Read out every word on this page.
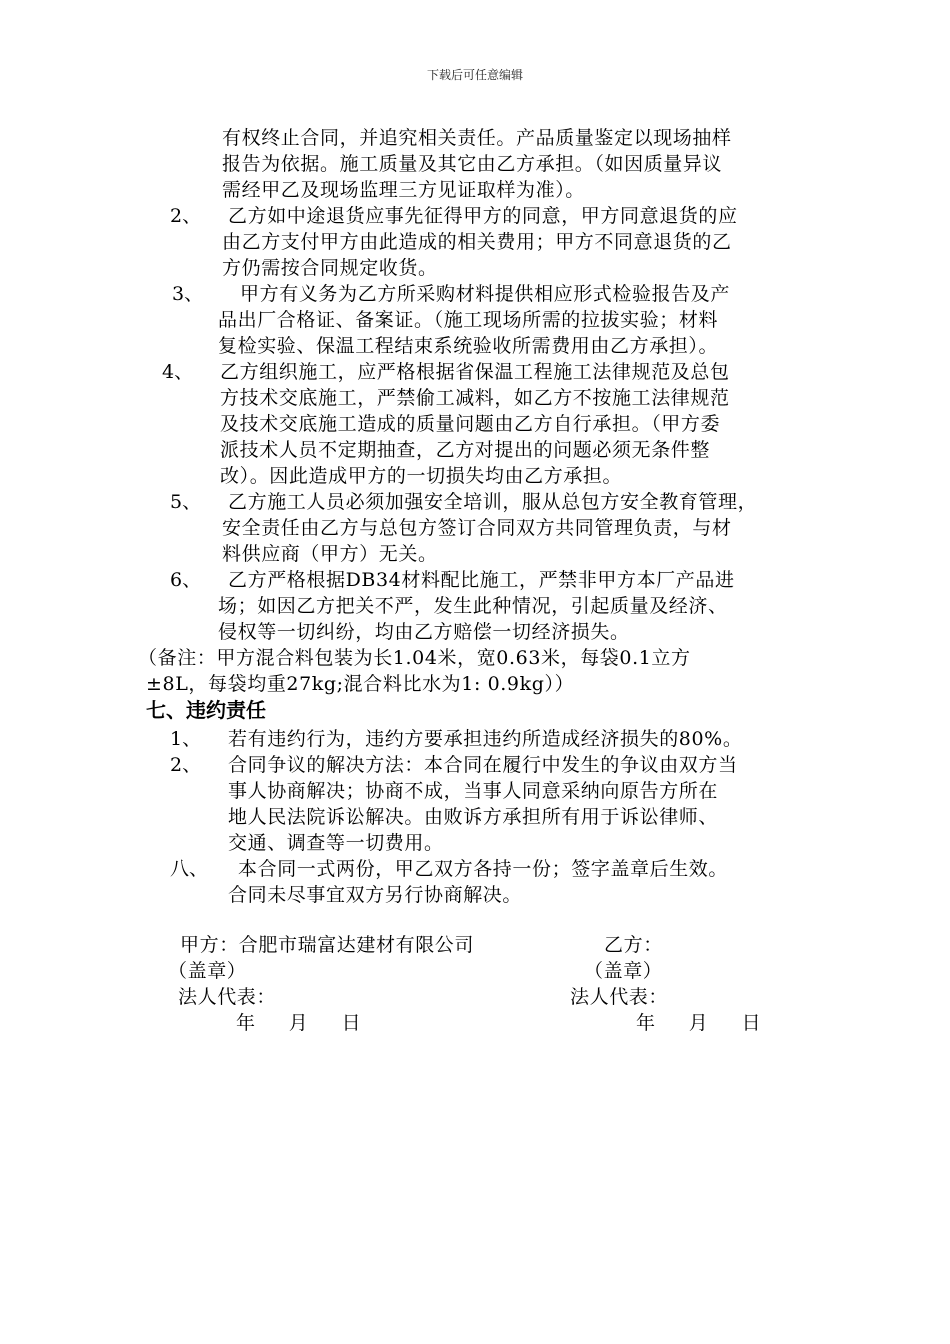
下载后可任意编辑
有权终止合同，并追究相关责任。产品质量鉴定以现场抽样
报告为依据。施工质量及其它由乙方承担。（如因质量异议
需经甲乙及现场监理三方见证取样为准）。
2、 乙方如中途退货应事先征得甲方的同意，甲方同意退货的应
由乙方支付甲方由此造成的相关费用；甲方不同意退货的乙
方仍需按合同规定收货。
3、 甲方有义务为乙方所采购材料提供相应形式检验报告及产
品出厂合格证、备案证。（施工现场所需的拉拔实验；材料
复检实验、保温工程结束系统验收所需费用由乙方承担）。
4、 乙方组织施工，应严格根据省保温工程施工法律规范及总包
方技术交底施工，严禁偷工减料，如乙方不按施工法律规范
及技术交底施工造成的质量问题由乙方自行承担。（甲方委
派技术人员不定期抽查，乙方对提出的问题必须无条件整
改）。因此造成甲方的一切损失均由乙方承担。
5、 乙方施工人员必须加强安全培训，服从总包方安全教育管理，
安全责任由乙方与总包方签订合同双方共同管理负责，与材
料供应商（甲方）无关。
6、 乙方严格根据DB34材料配比施工，严禁非甲方本厂产品进
场；如因乙方把关不严，发生此种情况，引起质量及经济、
侵权等一切纠纷，均由乙方赔偿一切经济损失。
（备注：甲方混合料包装为长1.04米，宽0.63米，每袋0.1立方
±8L，每袋均重27kg;混合料比水为1: 0.9kg））
七、违约责任
1、 若有违约行为，违约方要承担违约所造成经济损失的80%。
2、 合同争议的解决方法：本合同在履行中发生的争议由双方当
事人协商解决；协商不成，当事人同意采纳向原告方所在
地人民法院诉讼解决。由败诉方承担所有用于诉讼律师、
交通、调查等一切费用。
八、 本合同一式两份，甲乙双方各持一份；签字盖章后生效。
合同未尽事宜双方另行协商解决。
甲方：合肥市瑞富达建材有限公司
（盖章）
法人代表：
年     月     日
乙方：
（盖章）
法人代表：
年     月     日
